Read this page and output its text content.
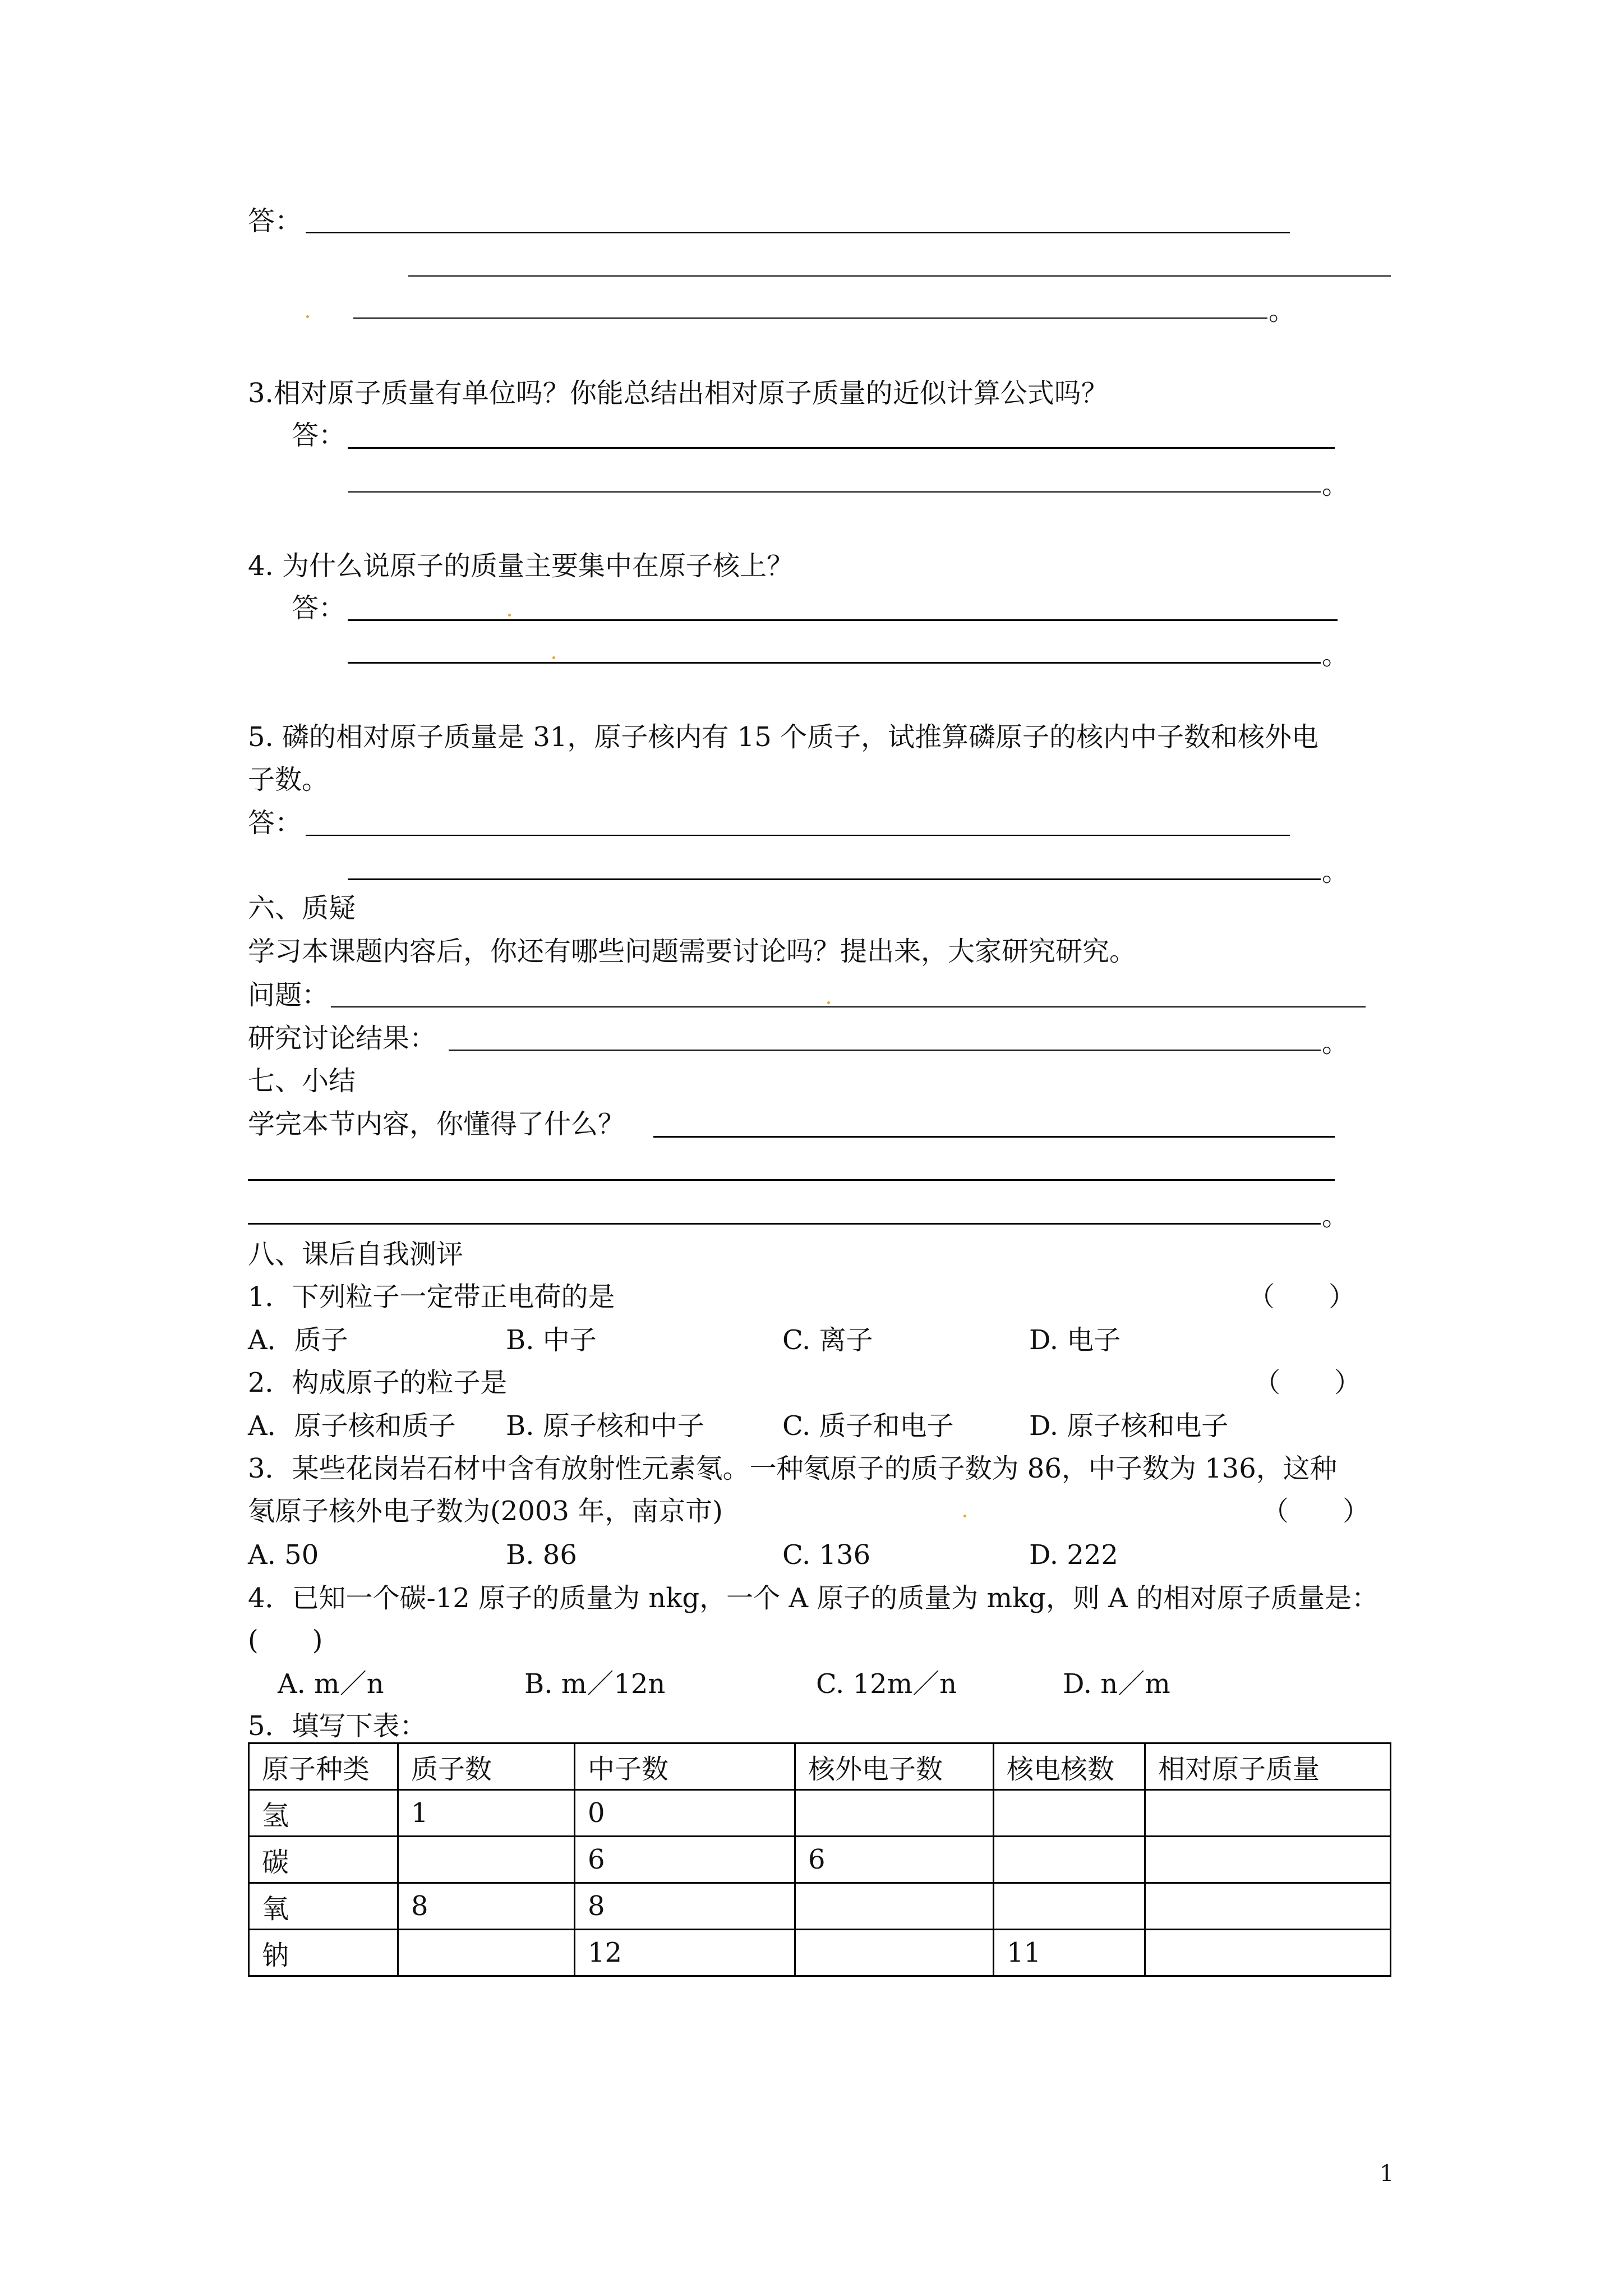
答：
。
3.相对原子质量有单位吗？你能总结出相对原子质量的近似计算公式吗？
答：
。
4. 为什么说原子的质量主要集中在原子核上？
答：
。
5. 磷的相对原子质量是 31，原子核内有 15 个质子，试推算磷原子的核内中子数和核外电
子数。
答：
。
六、质疑
学习本课题内容后，你还有哪些问题需要讨论吗？提出来，大家研究研究。
问题：
研究讨论结果：	。
七、小结
学完本节内容，你懂得了什么？
。
八、课后自我测评
1．下列粒子一定带正电荷的是	（　　）
A．质子	B. 中子	C. 离子	D. 电子
2．构成原子的粒子是	（　　）
A．原子核和质子 B. 原子核和中子	C. 质子和电子	D. 原子核和电子
3．某些花岗岩石材中含有放射性元素氡。一种氡原子的质子数为 86，中子数为 136，这种
氡原子核外电子数为(2003 年，南京市)	（　　）
A. 50	B. 86	C. 136	D. 222
4．已知一个碳-12 原子的质量为 nkg，一个 A 原子的质量为 mkg，则 A 的相对原子质量是：
(　　)
A. m／n	B. m／12n	C. 12m／n	D. n／m
5．填写下表：
原子种类	质子数	中子数	核外电子数	核电核数	相对原子质量
氢	1	0			
碳		6	6		
氧	8	8			
钠		12		11	
1
